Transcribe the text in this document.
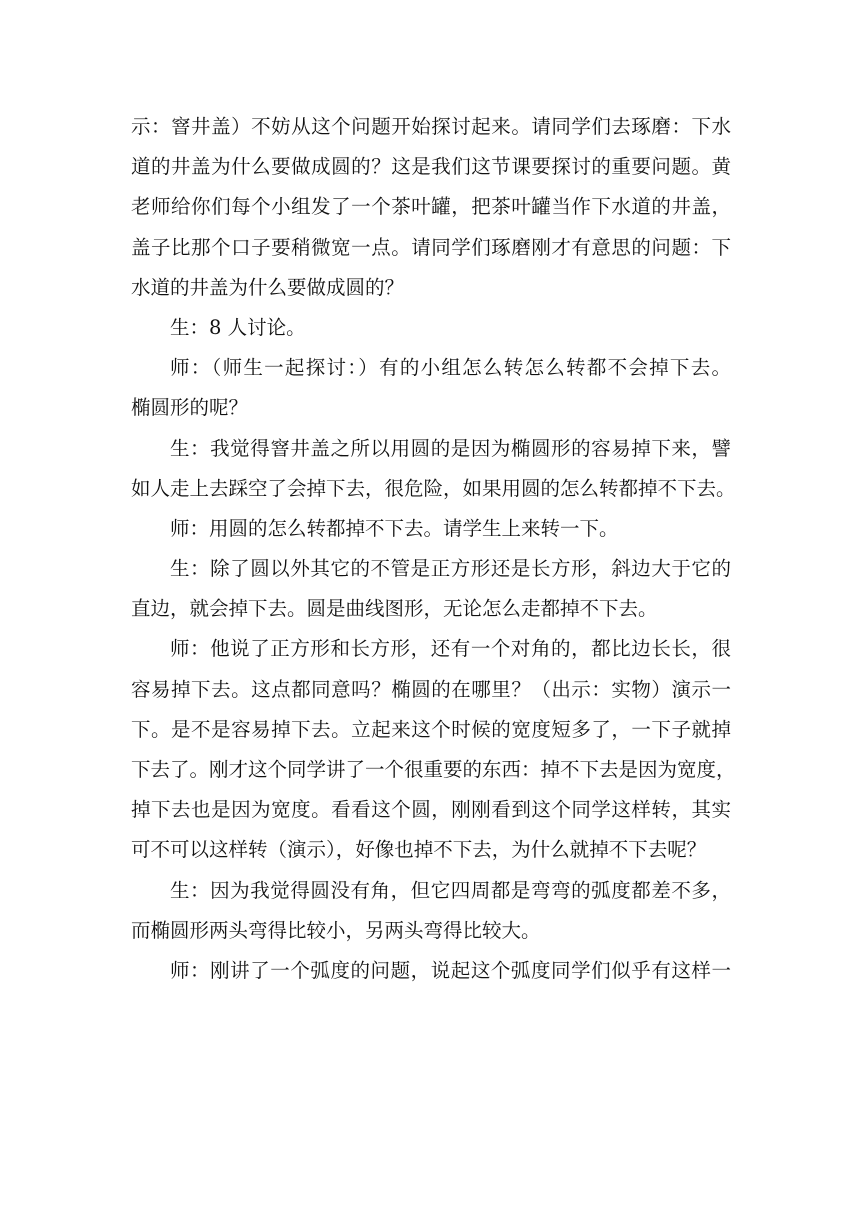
示：窨井盖）不妨从这个问题开始探讨起来。请同学们去琢磨：下水
道的井盖为什么要做成圆的？这是我们这节课要探讨的重要问题。黄
老师给你们每个小组发了一个茶叶罐，把茶叶罐当作下水道的井盖，
盖子比那个口子要稍微宽一点。请同学们琢磨刚才有意思的问题：下
水道的井盖为什么要做成圆的？
生：8 人讨论。
师：（师生一起探讨：）有的小组怎么转怎么转都不会掉下去。
椭圆形的呢？
生：我觉得窨井盖之所以用圆的是因为椭圆形的容易掉下来，譬
如人走上去踩空了会掉下去，很危险，如果用圆的怎么转都掉不下去。
师：用圆的怎么转都掉不下去。请学生上来转一下。
生：除了圆以外其它的不管是正方形还是长方形，斜边大于它的
直边，就会掉下去。圆是曲线图形，无论怎么走都掉不下去。
师：他说了正方形和长方形，还有一个对角的，都比边长长，很
容易掉下去。这点都同意吗？椭圆的在哪里？（出示：实物）演示一
下。是不是容易掉下去。立起来这个时候的宽度短多了，一下子就掉
下去了。刚才这个同学讲了一个很重要的东西：掉不下去是因为宽度，
掉下去也是因为宽度。看看这个圆，刚刚看到这个同学这样转，其实
可不可以这样转（演示），好像也掉不下去，为什么就掉不下去呢？
生：因为我觉得圆没有角，但它四周都是弯弯的弧度都差不多，
而椭圆形两头弯得比较小，另两头弯得比较大。
师：刚讲了一个弧度的问题，说起这个弧度同学们似乎有这样一
